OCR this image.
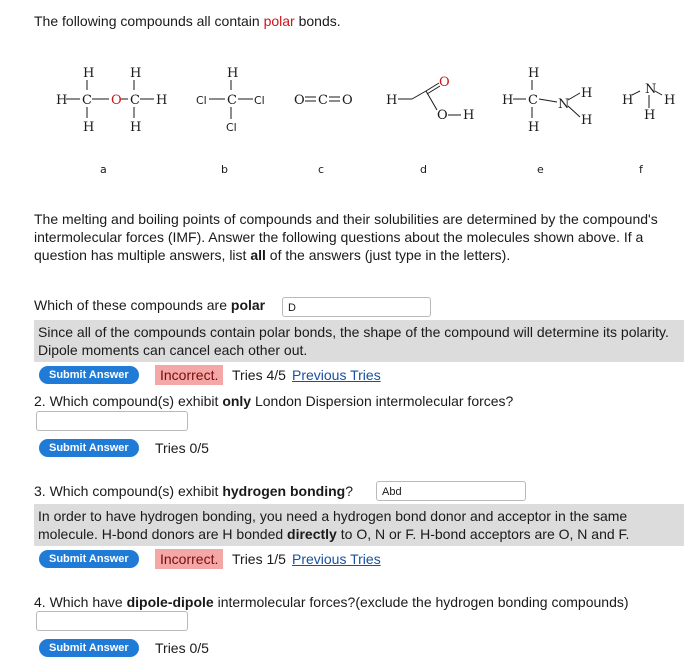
The following compounds all contain polar bonds.
H	H
H C O C H
H	H
H
Cl C Cl
Cl
O C O	H
O
O H
H
H C
H
N
H
H
N
H H
H
a	b	c	d	e	f
The melting and boiling points of compounds and their solubilities are determined by the compound's intermolecular forces (IMF). Answer the following questions about the molecules shown above. If a question has multiple answers, list all of the answers (just type in the letters).
Which of these compounds are polar	D
Since all of the compounds contain polar bonds, the shape of the compound will determine its polarity. Dipole moments can cancel each other out.
Submit Answer	Incorrect. Tries 4/5 Previous Tries
2. Which compound(s) exhibit only London Dispersion intermolecular forces?
Submit Answer	Tries 0/5
3. Which compound(s) exhibit hydrogen bonding?	Abd
In order to have hydrogen bonding, you need a hydrogen bond donor and acceptor in the same molecule. H-bond donors are H bonded directly to O, N or F. H-bond acceptors are O, N and F.
Submit Answer	Incorrect. Tries 1/5 Previous Tries
4. Which have dipole-dipole intermolecular forces?(exclude the hydrogen bonding compounds)
Submit Answer	Tries 0/5
